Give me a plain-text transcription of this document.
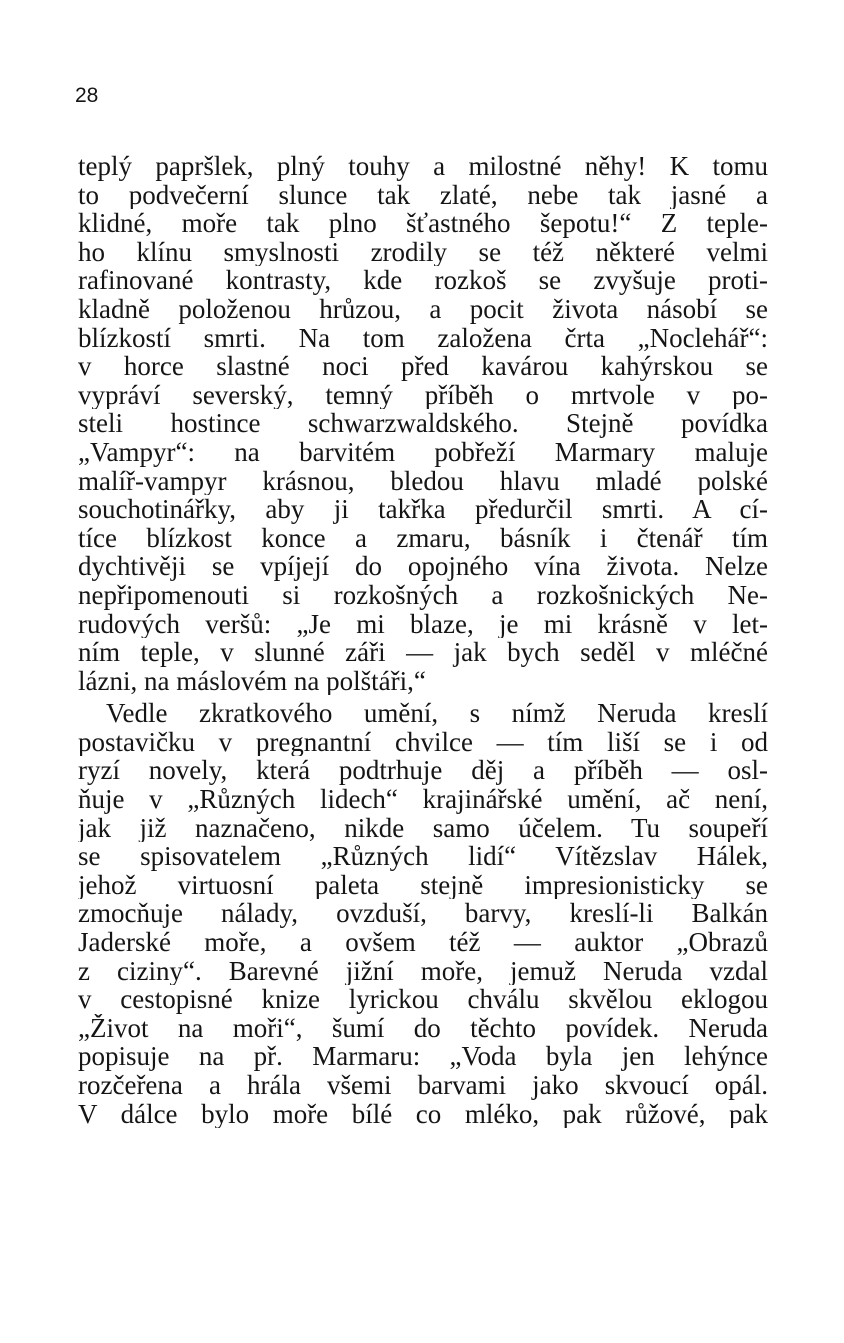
28
teplý papršlek, plný touhy a milostné něhy! K tomu
to podvečerní slunce tak zlaté, nebe tak jasné a
klidné, moře tak plno šťastného šepotu!“ Z teple-
ho klínu smyslnosti zrodily se též některé velmi
rafinované kontrasty, kde rozkoš se zvyšuje proti-
kladně položenou hrůzou, a pocit života násobí se
blízkostí smrti. Na tom založena črta „Noclehář“:
v horce slastné noci před kavárou kahýrskou se
vypráví severský, temný příběh o mrtvole v po-
steli hostince schwarzwaldského. Stejně povídka
„Vampyr“: na barvitém pobřeží Marmary maluje
malíř-vampyr krásnou, bledou hlavu mladé polské
souchotinářky, aby ji takřka předurčil smrti. A cí-
tíce blízkost konce a zmaru, básník i čtenář tím
dychtivěji se vpíjejí do opojného vína života. Nelze
nepřipomenouti si rozkošných a rozkošnických Ne-
rudových veršů: „Je mi blaze, je mi krásně v let-
ním teple, v slunné záři — jak bych seděl v mléčné
lázni, na máslovém na polštáři,“
Vedle zkratkového umění, s nímž Neruda kreslí
postavičku v pregnantní chvilce — tím liší se i od
ryzí novely, která podtrhuje děj a příběh — osl-
ňuje v „Různých lidech“ krajinářské umění, ač není,
jak již naznačeno, nikde samo účelem. Tu soupeří
se spisovatelem „Různých lidí“ Vítězslav Hálek,
jehož virtuosní paleta stejně impresionisticky se
zmocňuje nálady, ovzduší, barvy, kreslí-li Balkán
Jaderské moře, a ovšem též — auktor „Obrazů
z ciziny“. Barevné jižní moře, jemuž Neruda vzdal
v cestopisné knize lyrickou chválu skvělou eklogou
„Život na moři“, šumí do těchto povídek. Neruda
popisuje na př. Marmaru: „Voda byla jen lehýnce
rozčeřena a hrála všemi barvami jako skvoucí opál.
V dálce bylo moře bílé co mléko, pak růžové, pak
